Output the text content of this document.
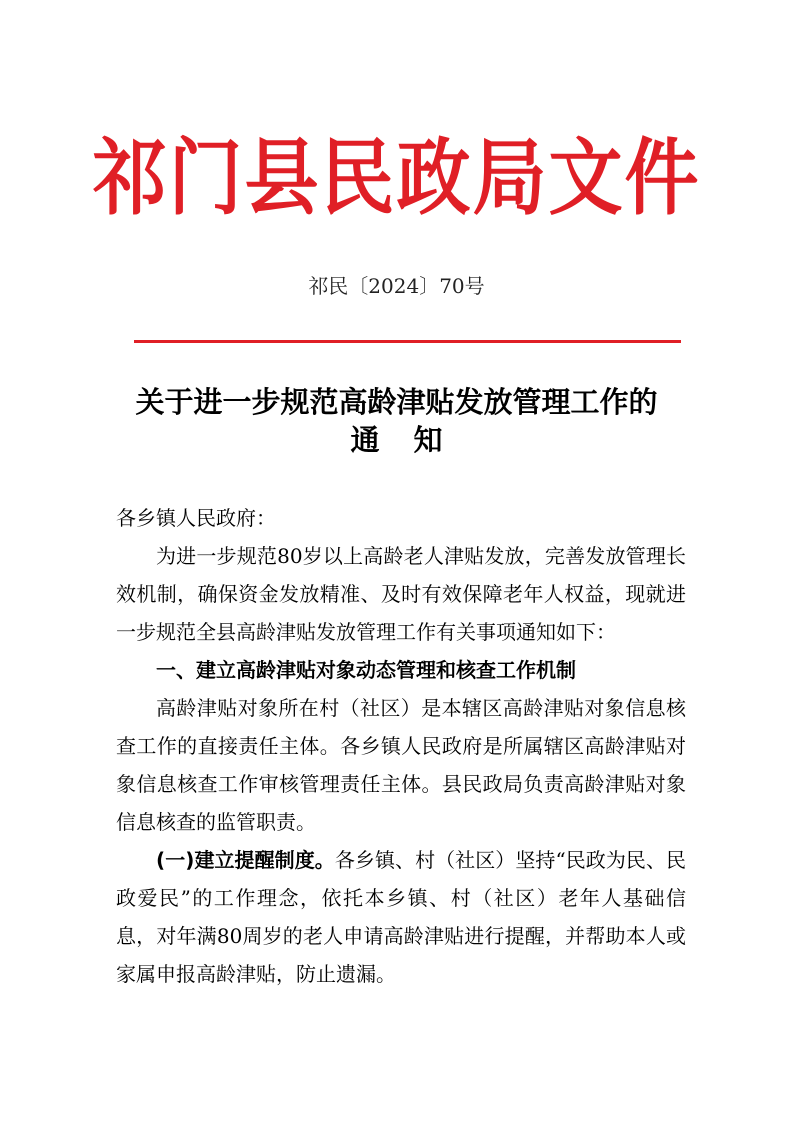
祁门县民政局文件
祁民〔2024〕70号
关于进一步规范高龄津贴发放管理工作的
通知

各乡镇人民政府：

为进一步规范80岁以上高龄老人津贴发放，完善发放管理长效机制，确保资金发放精准、及时有效保障老年人权益，现就进一步规范全县高龄津贴发放管理工作有关事项通知如下：

一、建立高龄津贴对象动态管理和核查工作机制

高龄津贴对象所在村（社区）是本辖区高龄津贴对象信息核查工作的直接责任主体。各乡镇人民政府是所属辖区高龄津贴对象信息核查工作审核管理责任主体。县民政局负责高龄津贴对象信息核查的监管职责。

(一)建立提醒制度。各乡镇、村（社区）坚持“民政为民、民政爱民”的工作理念，依托本乡镇、村（社区）老年人基础信息，对年满80周岁的老人申请高龄津贴进行提醒，并帮助本人或家属申报高龄津贴，防止遗漏。
